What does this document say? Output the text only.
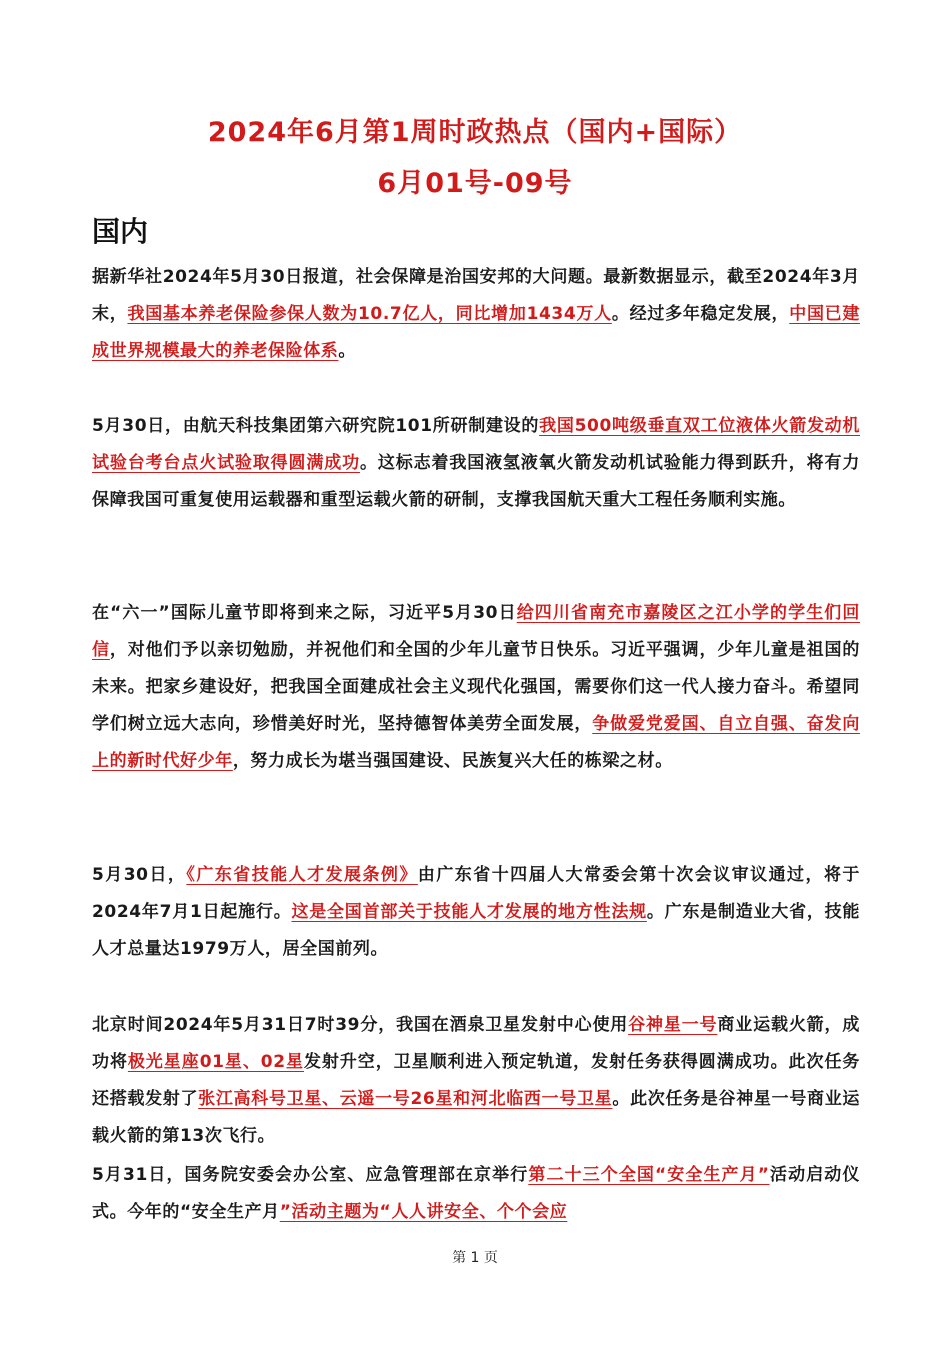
2024年6月第1周时政热点（国内+国际）
6月01号-09号
国内
据新华社2024年5月30日报道，社会保障是治国安邦的大问题。最新数据显示，截至2024年3月末，我国基本养老保险参保人数为10.7亿人，同比增加1434万人。经过多年稳定发展，中国已建成世界规模最大的养老保险体系。
5月30日，由航天科技集团第六研究院101所研制建设的我国500吨级垂直双工位液体火箭发动机试验台考台点火试验取得圆满成功。这标志着我国液氢液氧火箭发动机试验能力得到跃升，将有力保障我国可重复使用运载器和重型运载火箭的研制，支撑我国航天重大工程任务顺利实施。
在“六一”国际儿童节即将到来之际，习近平5月30日给四川省南充市嘉陵区之江小学的学生们回信，对他们予以亲切勉励，并祝他们和全国的少年儿童节日快乐。习近平强调，少年儿童是祖国的未来。把家乡建设好，把我国全面建成社会主义现代化强国，需要你们这一代人接力奋斗。希望同学们树立远大志向，珍惜美好时光，坚持德智体美劳全面发展，争做爱党爱国、自立自强、奋发向上的新时代好少年，努力成长为堪当强国建设、民族复兴大任的栋梁之材。
5月30日，《广东省技能人才发展条例》由广东省十四届人大常委会第十次会议审议通过，将于2024年7月1日起施行。这是全国首部关于技能人才发展的地方性法规。广东是制造业大省，技能人才总量达1979万人，居全国前列。
北京时间2024年5月31日7时39分，我国在酒泉卫星发射中心使用谷神星一号商业运载火箭，成功将极光星座01星、02星发射升空，卫星顺利进入预定轨道，发射任务获得圆满成功。此次任务还搭载发射了张江高科号卫星、云遥一号26星和河北临西一号卫星。此次任务是谷神星一号商业运载火箭的第13次飞行。
5月31日，国务院安委会办公室、应急管理部在京举行第二十三个全国“安全生产月”活动启动仪式。今年的“安全生产月”活动主题为“人人讲安全、个个会应
第 1 页
